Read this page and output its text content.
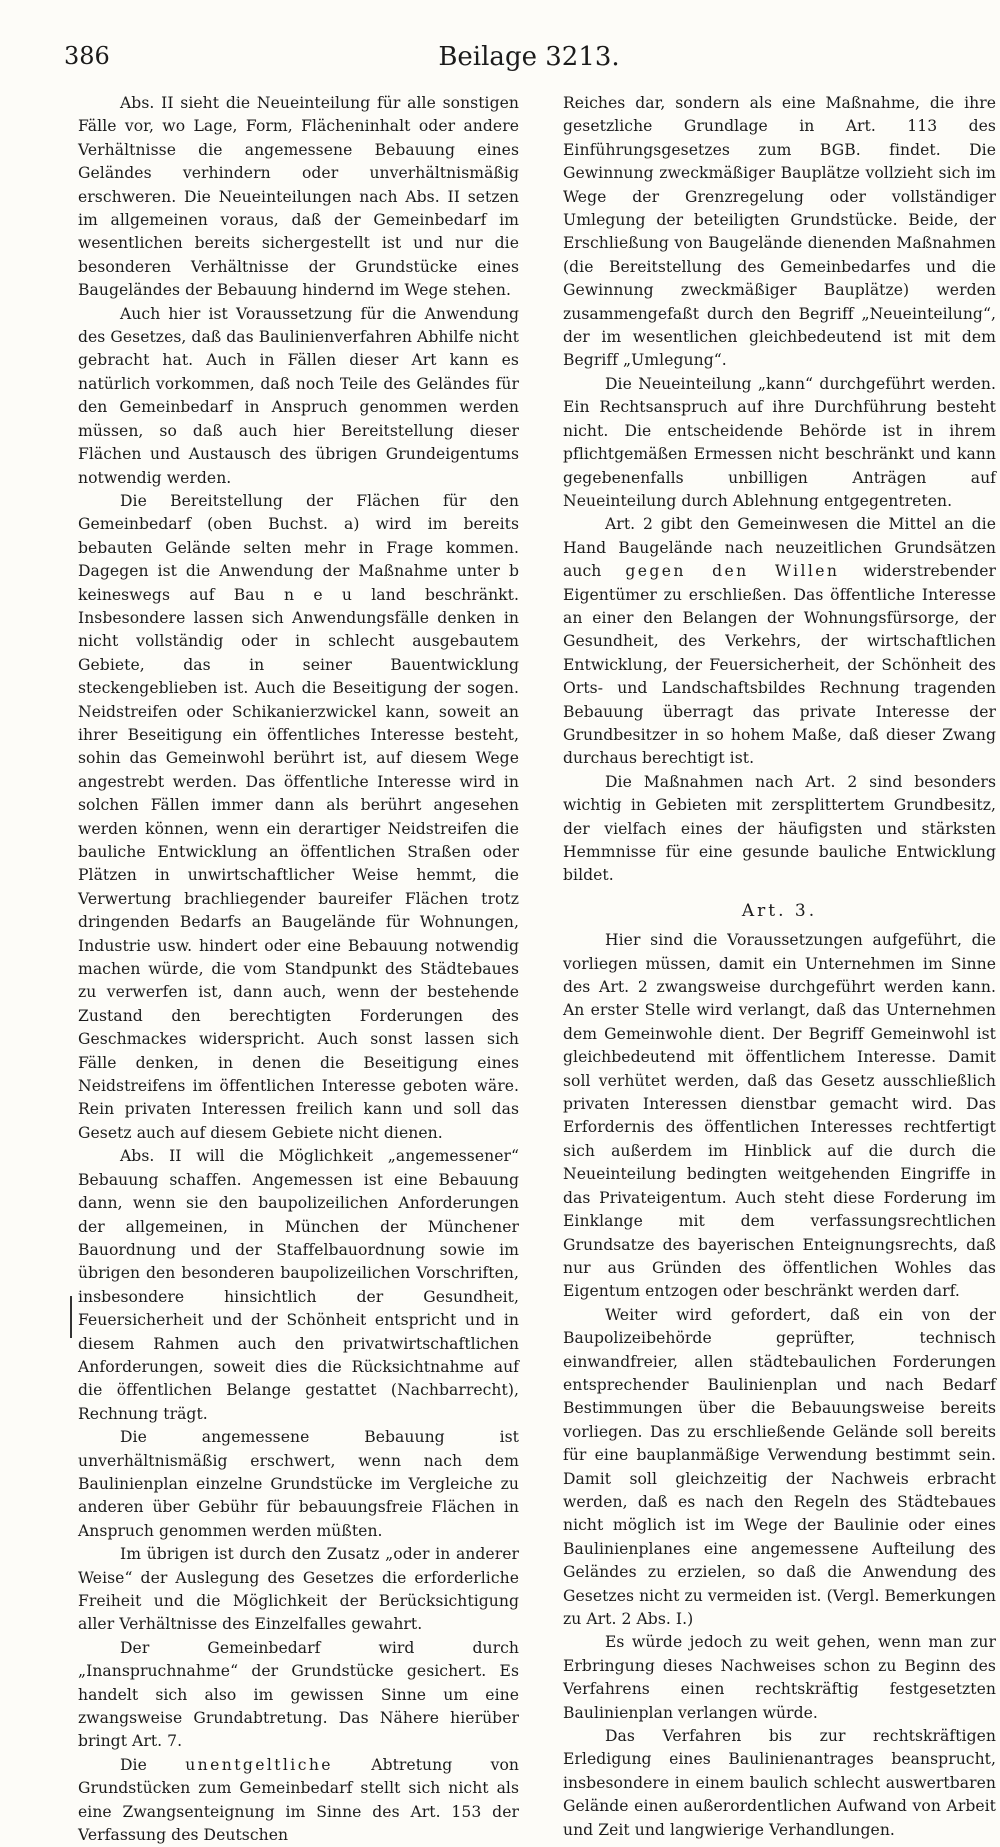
386	Beilage 3213.

Abs. II sieht die Neueinteilung für alle sonstigen Fälle vor, wo Lage, Form, Flächeninhalt oder andere Verhältnisse die angemessene Bebauung eines Geländes verhindern oder unverhältnismäßig erschweren. Die Neueinteilungen nach Abs. II setzen im allgemeinen voraus, daß der Gemeinbedarf im wesentlichen bereits sichergestellt ist und nur die besonderen Verhältnisse der Grundstücke eines Baugeländes der Bebauung hindernd im Wege stehen.

Auch hier ist Voraussetzung für die Anwendung des Gesetzes, daß das Baulinienverfahren Abhilfe nicht gebracht hat. Auch in Fällen dieser Art kann es natürlich vorkommen, daß noch Teile des Geländes für den Gemeinbedarf in Anspruch genommen werden müssen, so daß auch hier Bereitstellung dieser Flächen und Austausch des übrigen Grundeigentums notwendig werden.

Die Bereitstellung der Flächen für den Gemeinbedarf (oben Buchst. a) wird im bereits bebauten Gelände selten mehr in Frage kommen. Dagegen ist die Anwendung der Maßnahme unter b keineswegs auf Bau n e u land beschränkt. Insbesondere lassen sich Anwendungsfälle denken in nicht vollständig oder in schlecht ausgebautem Gebiete, das in seiner Bauentwicklung steckengeblieben ist. Auch die Beseitigung der sogen. Neidstreifen oder Schikanierzwickel kann, soweit an ihrer Beseitigung ein öffentliches Interesse besteht, sohin das Gemeinwohl berührt ist, auf diesem Wege angestrebt werden. Das öffentliche Interesse wird in solchen Fällen immer dann als berührt angesehen werden können, wenn ein derartiger Neidstreifen die bauliche Entwicklung an öffentlichen Straßen oder Plätzen in unwirtschaftlicher Weise hemmt, die Verwertung brachliegender baureifer Flächen trotz dringenden Bedarfs an Baugelände für Wohnungen, Industrie usw. hindert oder eine Bebauung notwendig machen würde, die vom Standpunkt des Städtebaues zu verwerfen ist, dann auch, wenn der bestehende Zustand den berechtigten Forderungen des Geschmackes widerspricht. Auch sonst lassen sich Fälle denken, in denen die Beseitigung eines Neidstreifens im öffentlichen Interesse geboten wäre. Rein privaten Interessen freilich kann und soll das Gesetz auch auf diesem Gebiete nicht dienen.

Abs. II will die Möglichkeit „angemessener“ Bebauung schaffen. Angemessen ist eine Bebauung dann, wenn sie den baupolizeilichen Anforderungen der allgemeinen, in München der Münchener Bauordnung und der Staffelbauordnung sowie im übrigen den besonderen baupolizeilichen Vorschriften, insbesondere hinsichtlich der Gesundheit, Feuersicherheit und der Schönheit entspricht und in diesem Rahmen auch den privatwirtschaftlichen Anforderungen, soweit dies die Rücksichtnahme auf die öffentlichen Belange gestattet (Nachbarrecht), Rechnung trägt.

Die angemessene Bebauung ist unverhältnismäßig erschwert, wenn nach dem Baulinienplan einzelne Grundstücke im Vergleiche zu anderen über Gebühr für bebauungsfreie Flächen in Anspruch genommen werden müßten.

Im übrigen ist durch den Zusatz „oder in anderer Weise“ der Auslegung des Gesetzes die erforderliche Freiheit und die Möglichkeit der Berücksichtigung aller Verhältnisse des Einzelfalles gewahrt.

Der Gemeinbedarf wird durch „Inanspruchnahme“ der Grundstücke gesichert. Es handelt sich also im gewissen Sinne um eine zwangsweise Grundabtretung. Das Nähere hierüber bringt Art. 7.

Die unentgeltliche Abtretung von Grundstücken zum Gemeinbedarf stellt sich nicht als eine Zwangsenteignung im Sinne des Art. 153 der Verfassung des Deutschen

Reiches dar, sondern als eine Maßnahme, die ihre gesetzliche Grundlage in Art. 113 des Einführungsgesetzes zum BGB. findet. Die Gewinnung zweckmäßiger Bauplätze vollzieht sich im Wege der Grenzregelung oder vollständiger Umlegung der beteiligten Grundstücke. Beide, der Erschließung von Baugelände dienenden Maßnahmen (die Bereitstellung des Gemeinbedarfes und die Gewinnung zweckmäßiger Bauplätze) werden zusammengefaßt durch den Begriff „Neueinteilung“, der im wesentlichen gleichbedeutend ist mit dem Begriff „Umlegung“.

Die Neueinteilung „kann“ durchgeführt werden. Ein Rechtsanspruch auf ihre Durchführung besteht nicht. Die entscheidende Behörde ist in ihrem pflichtgemäßen Ermessen nicht beschränkt und kann gegebenenfalls unbilligen Anträgen auf Neueinteilung durch Ablehnung entgegentreten.

Art. 2 gibt den Gemeinwesen die Mittel an die Hand Baugelände nach neuzeitlichen Grundsätzen auch gegen den Willen widerstrebender Eigentümer zu erschließen. Das öffentliche Interesse an einer den Belangen der Wohnungsfürsorge, der Gesundheit, des Verkehrs, der wirtschaftlichen Entwicklung, der Feuersicherheit, der Schönheit des Orts- und Landschaftsbildes Rechnung tragenden Bebauung überragt das private Interesse der Grundbesitzer in so hohem Maße, daß dieser Zwang durchaus berechtigt ist.

Die Maßnahmen nach Art. 2 sind besonders wichtig in Gebieten mit zersplittertem Grundbesitz, der vielfach eines der häufigsten und stärksten Hemmnisse für eine gesunde bauliche Entwicklung bildet.

Art. 3.

Hier sind die Voraussetzungen aufgeführt, die vorliegen müssen, damit ein Unternehmen im Sinne des Art. 2 zwangsweise durchgeführt werden kann. An erster Stelle wird verlangt, daß das Unternehmen dem Gemeinwohle dient. Der Begriff Gemeinwohl ist gleichbedeutend mit öffentlichem Interesse. Damit soll verhütet werden, daß das Gesetz ausschließlich privaten Interessen dienstbar gemacht wird. Das Erfordernis des öffentlichen Interesses rechtfertigt sich außerdem im Hinblick auf die durch die Neueinteilung bedingten weitgehenden Eingriffe in das Privateigentum. Auch steht diese Forderung im Einklange mit dem verfassungsrechtlichen Grundsatze des bayerischen Enteignungsrechts, daß nur aus Gründen des öffentlichen Wohles das Eigentum entzogen oder beschränkt werden darf.

Weiter wird gefordert, daß ein von der Baupolizeibehörde geprüfter, technisch einwandfreier, allen städtebaulichen Forderungen entsprechender Baulinienplan und nach Bedarf Bestimmungen über die Bebauungsweise bereits vorliegen. Das zu erschließende Gelände soll bereits für eine bauplanmäßige Verwendung bestimmt sein. Damit soll gleichzeitig der Nachweis erbracht werden, daß es nach den Regeln des Städtebaues nicht möglich ist im Wege der Baulinie oder eines Baulinienplanes eine angemessene Aufteilung des Geländes zu erzielen, so daß die Anwendung des Gesetzes nicht zu vermeiden ist. (Vergl. Bemerkungen zu Art. 2 Abs. I.)

Es würde jedoch zu weit gehen, wenn man zur Erbringung dieses Nachweises schon zu Beginn des Verfahrens einen rechtskräftig festgesetzten Baulinienplan verlangen würde.

Das Verfahren bis zur rechtskräftigen Erledigung eines Baulinienantrages beansprucht, insbesondere in einem baulich schlecht auswertbaren Gelände einen außerordentlichen Aufwand von Arbeit und Zeit und langwierige Verhandlungen.
